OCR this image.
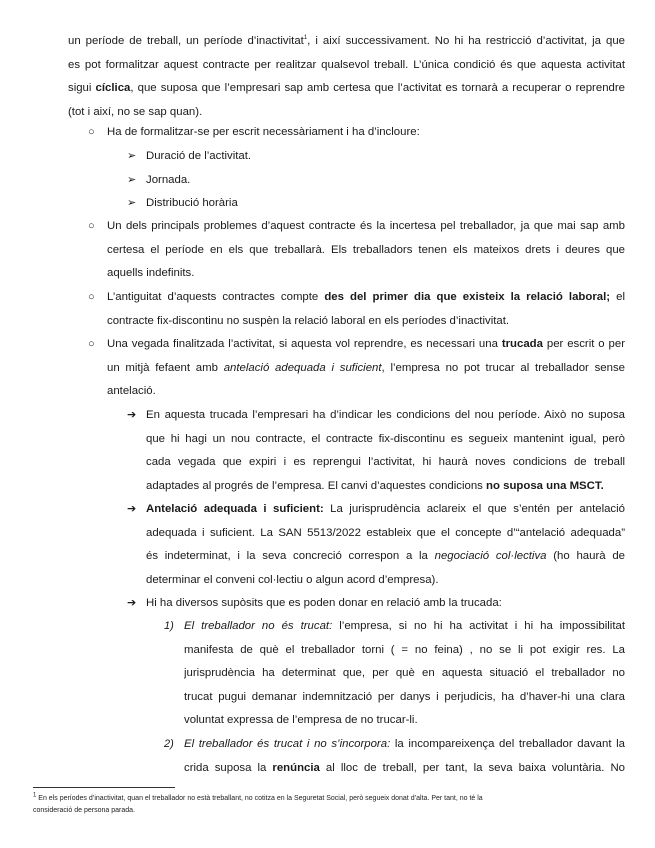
un període de treball, un període d’inactivitat$^1$, i així successivament. No hi ha restricció d’activitat, ja que
es pot formalitzar aquest contracte per realitzar qualsevol treball. L’única condició és que aquesta activitat
sigui cíclica, que suposa que l’empresari sap amb certesa que l’activitat es tornarà a recuperar o reprendre
(tot i així, no se sap quan).
○ Ha de formalitzar-se per escrit necessàriament i ha d’incloure:
➢ Duració de l’activitat.
➢ Jornada.
➢ Distribució horària
○ Un dels principals problemes d’aquest contracte és la incertesa pel treballador, ja que mai sap amb
certesa el període en els que treballarà. Els treballadors tenen els mateixos drets i deures que
aquells indefinits.
○ L’antiguitat d’aquests contractes compte des del primer dia que existeix la relació laboral; el
contracte fix-discontinu no suspèn la relació laboral en els períodes d’inactivitat.
○ Una vegada finalitzada l’activitat, si aquesta vol reprendre, es necessari una trucada per escrit o per
un mitjà fefaent amb antelació adequada i suficient, l’empresa no pot trucar al treballador sense
antelació.
➔ En aquesta trucada l’empresari ha d’indicar les condicions del nou període. Això no suposa
que hi hagi un nou contracte, el contracte fix-discontinu es segueix mantenint igual, però
cada vegada que expiri i es reprengui l’activitat, hi haurà noves condicions de treball
adaptades al progrés de l’empresa. El canvi d’aquestes condicions no suposa una MSCT.
➔ Antelació adequada i suficient: La jurisprudència aclareix el que s’entén per antelació
adequada i suficient. La SAN 5513/2022 estableix que el concepte d’“antelació adequada”
és indeterminat, i la seva concreció correspon a la negociació col·lectiva (ho haurà de
determinar el conveni col·lectiu o algun acord d’empresa).
➔ Hi ha diversos supòsits que es poden donar en relació amb la trucada:
1) El treballador no és trucat: l’empresa, si no hi ha activitat i hi ha impossibilitat
manifesta de què el treballador torni ( = no feina) , no se li pot exigir res. La
jurisprudència ha determinat que, per què en aquesta situació el treballador no
trucat pugui demanar indemnització per danys i perjudicis, ha d’haver-hi una clara
voluntat expressa de l’empresa de no trucar-li.
2) El treballador és trucat i no s’incorpora: la incompareixença del treballador davant la
crida suposa la renúncia al lloc de treball, per tant, la seva baixa voluntària. No
$^1$ En els períodes d’inactivitat, quan el treballador no està treballant, no cotitza en la Seguretat Social, però segueix donat d’alta. Per tant, no té la
consideració de persona parada.
